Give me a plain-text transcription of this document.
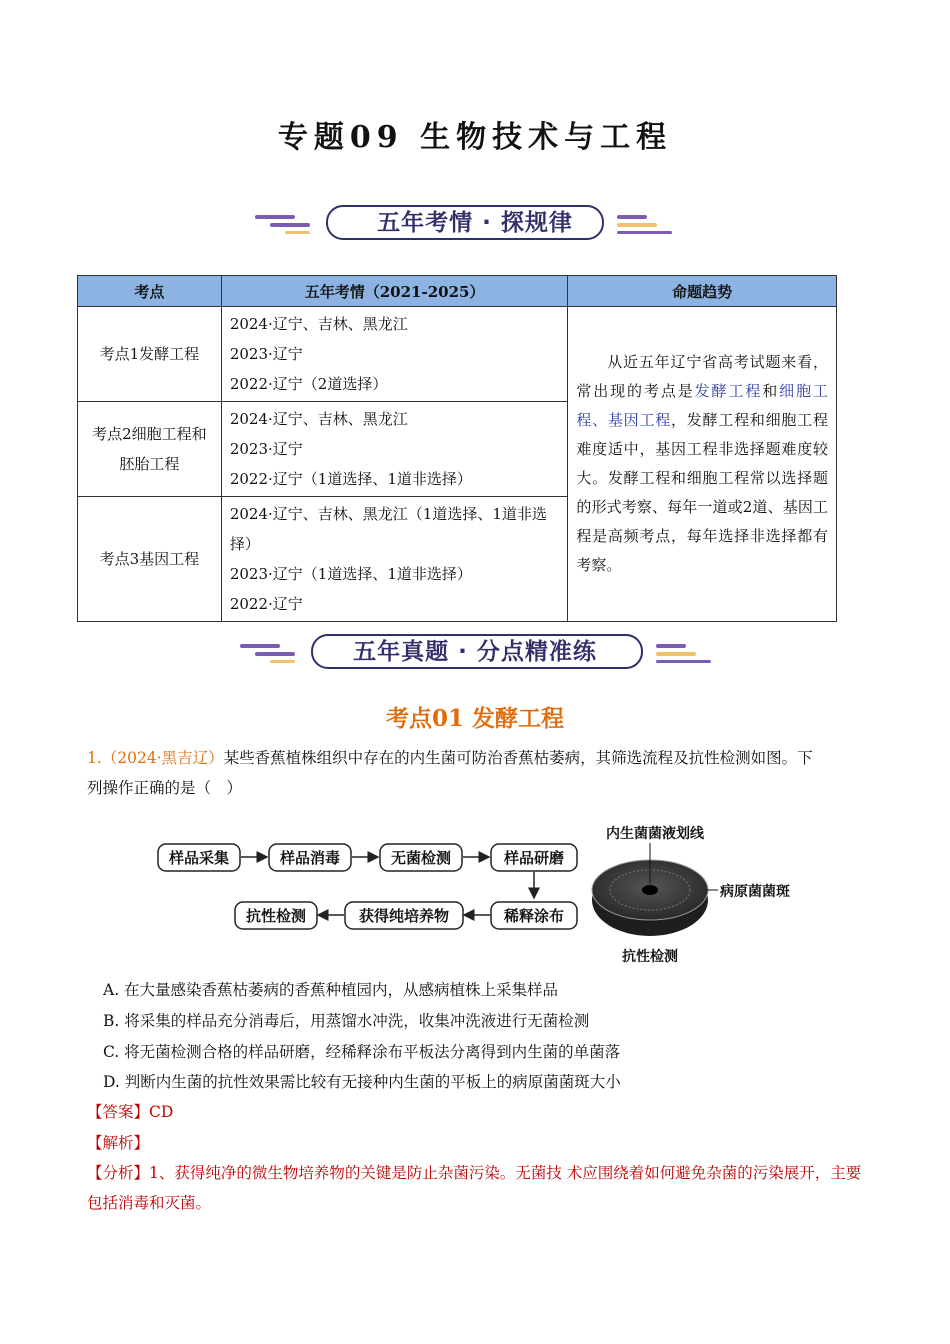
专题09 生物技术与工程
五年考情 · 探规律
考点	五年考情（2021-2025）	命题趋势
考点1发酵工程	2024·辽宁、吉林、黑龙江
2023·辽宁
2022·辽宁（2道选择）	从近五年辽宁省高考试题来看，常出现的考点是发酵工程和细胞工程、基因工程，发酵工程和细胞工程难度适中，基因工程非选择题难度较大。发酵工程和细胞工程常以选择题的形式考察、每年一道或2道、基因工程是高频考点，每年选择非选择都有考察。
考点2细胞工程和胚胎工程	2024·辽宁、吉林、黑龙江
2023·辽宁
2022·辽宁（1道选择、1道非选择）	

考点3基因工程	2024·辽宁、吉林、黑龙江（1道选择、1道非选择）
2023·辽宁（1道选择、1道非选择）
2022·辽宁	
五年真题 · 分点精准练
考点01 发酵工程
1.（2024·黑吉辽）某些香蕉植株组织中存在的内生菌可防治香蕉枯萎病，其筛选流程及抗性检测如图。下
列操作正确的是（　）
样品采集	样品消毒	无菌检测	样品研磨
稀释涂布
获得纯培养物
抗性检测
内生菌菌液划线
病原菌菌斑
抗性检测
A. 在大量感染香蕉枯萎病的香蕉种植园内，从感病植株上采集样品
B. 将采集的样品充分消毒后，用蒸馏水冲洗，收集冲洗液进行无菌检测
C. 将无菌检测合格的样品研磨，经稀释涂布平板法分离得到内生菌的单菌落
D. 判断内生菌的抗性效果需比较有无接种内生菌的平板上的病原菌菌斑大小
【答案】CD
【解析】
【分析】1、获得纯净的微生物培养物的关键是防止杂菌污染。无菌技 术应围绕着如何避免杂菌的污染展开，主要包括消毒和灭菌。
